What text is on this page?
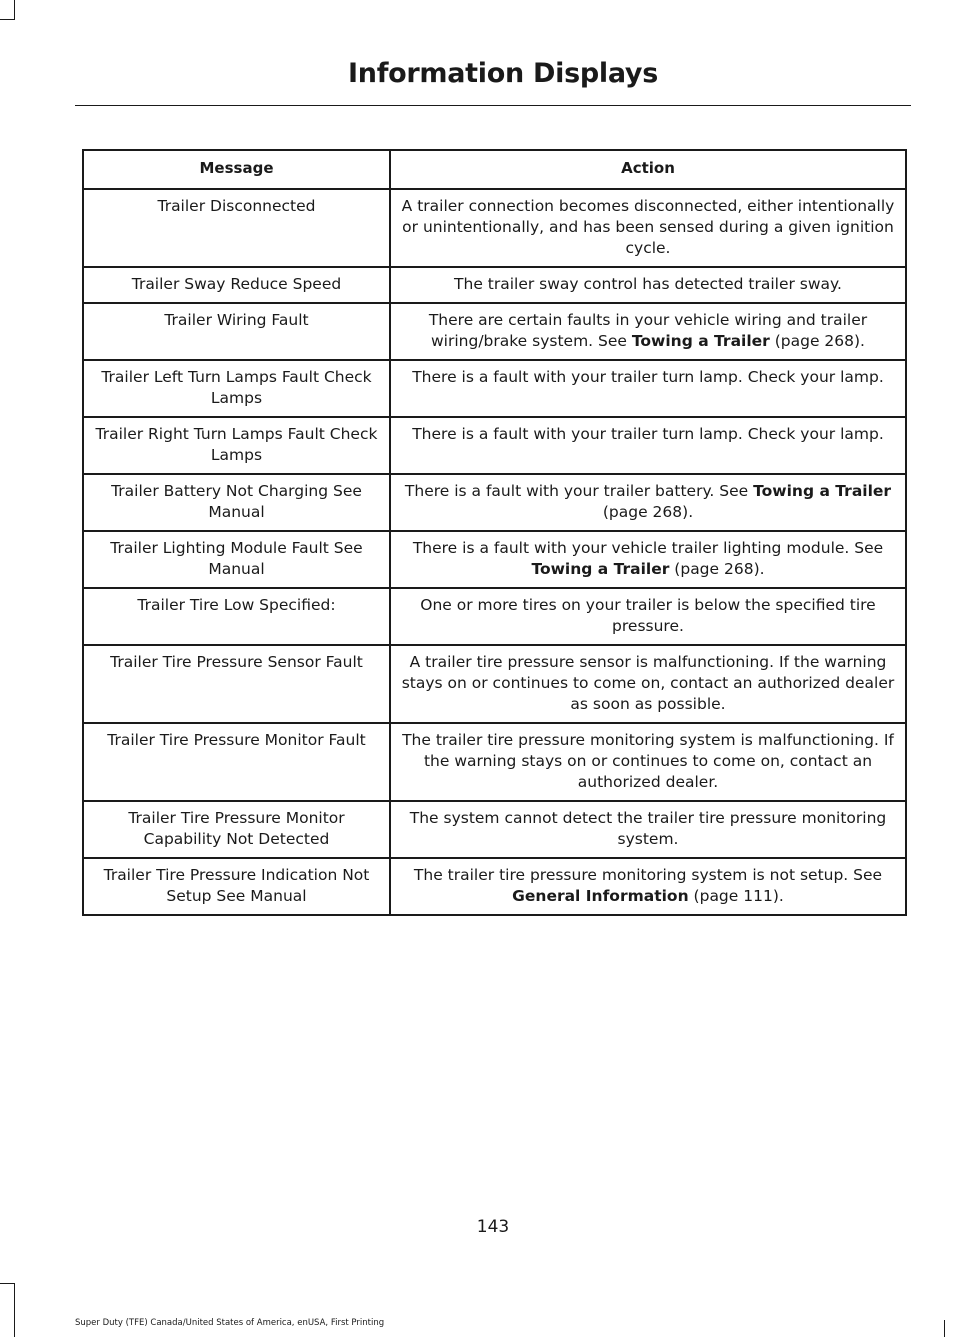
Information Displays
Message	Action
Trailer Disconnected	A trailer connection becomes disconnected, either intentionally or unintentionally, and has been sensed during a given ignition cycle.
Trailer Sway Reduce Speed	The trailer sway control has detected trailer sway.
Trailer Wiring Fault	There are certain faults in your vehicle wiring and trailer wiring/brake system. See Towing a Trailer (page 268).
Trailer Left Turn Lamps Fault Check Lamps	There is a fault with your trailer turn lamp. Check your lamp.
Trailer Right Turn Lamps Fault Check Lamps	There is a fault with your trailer turn lamp. Check your lamp.
Trailer Battery Not Charging See Manual	There is a fault with your trailer battery. See Towing a Trailer (page 268).
Trailer Lighting Module Fault See Manual	There is a fault with your vehicle trailer lighting module. See Towing a Trailer (page 268).
Trailer Tire Low Specified:	One or more tires on your trailer is below the specified tire pressure.
Trailer Tire Pressure Sensor Fault	A trailer tire pressure sensor is malfunctioning. If the warning stays on or continues to come on, contact an authorized dealer as soon as possible.
Trailer Tire Pressure Monitor Fault	The trailer tire pressure monitoring system is malfunctioning. If the warning stays on or continues to come on, contact an authorized dealer.
Trailer Tire Pressure Monitor Capability Not Detected	The system cannot detect the trailer tire pressure monitoring system.
Trailer Tire Pressure Indication Not Setup See Manual	The trailer tire pressure monitoring system is not setup. See General Information (page 111).
143
Super Duty (TFE) Canada/United States of America, enUSA, First Printing
